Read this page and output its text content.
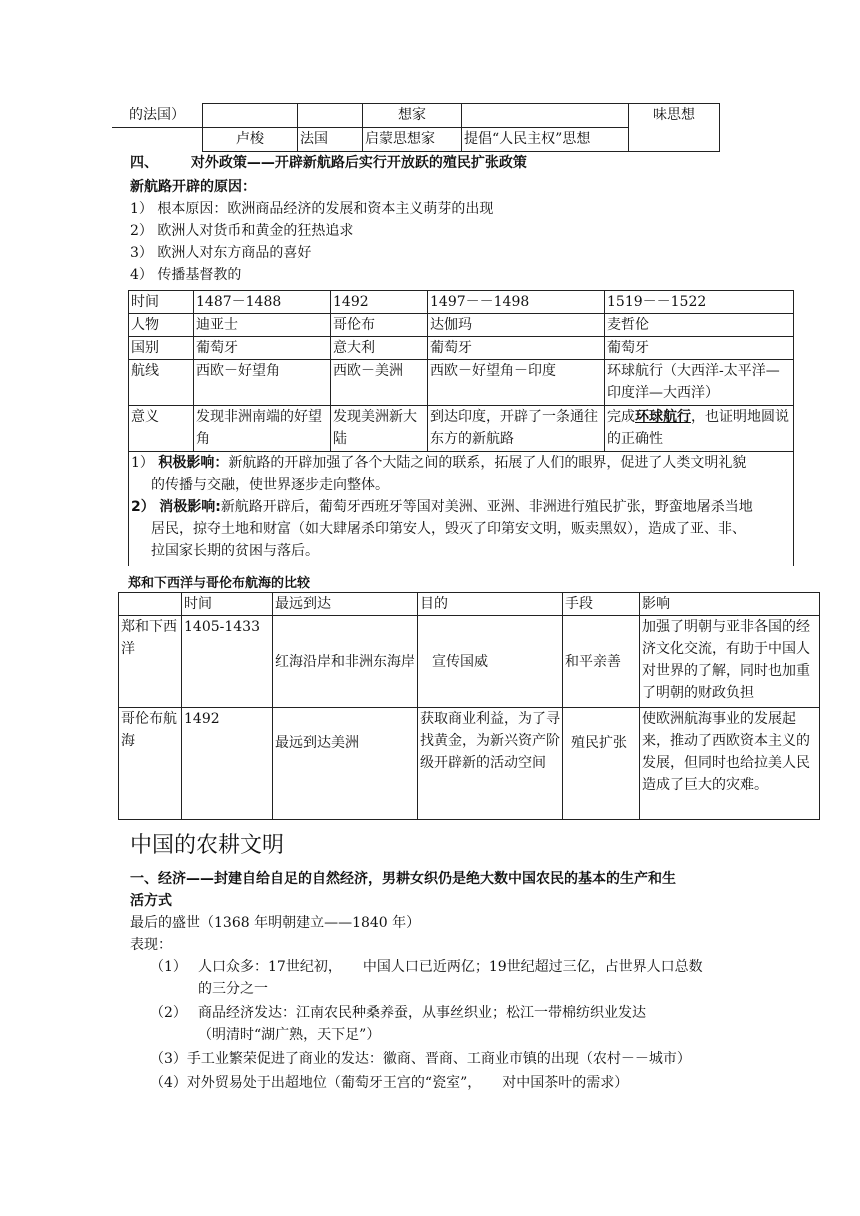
的法国）			想家		味思想
	卢梭	法国	启蒙思想家	提倡“人民主权”思想	
四、 对外政策——开辟新航路后实行开放跃的殖民扩张政策
新航路开辟的原因：
1） 根本原因：欧洲商品经济的发展和资本主义萌芽的出现
2） 欧洲人对货币和黄金的狂热追求
3） 欧洲人对东方商品的喜好
4） 传播基督教的
时间	1487－1488	1492	1497－－1498	1519－－1522
人物	迪亚士	哥伦布	达伽玛	麦哲伦
国别	葡萄牙	意大利	葡萄牙	葡萄牙
航线	西欧－好望角	西欧－美洲	西欧－好望角－印度	环球航行（大西洋-太平洋—印度洋—大西洋）
意义	发现非洲南端的好望角	发现美洲新大陆	到达印度，开辟了一条通往东方的新航路	完成环球航行，也证明地圆说的正确性

1） 积极影响：新航路的开辟加强了各个大陆之间的联系，拓展了人们的眼界，促进了人类文明礼貌
的传播与交融，使世界逐步走向整体。
2） 消极影响:新航路开辟后，葡萄牙西班牙等国对美洲、亚洲、非洲进行殖民扩张，野蛮地屠杀当地
居民，掠夺土地和财富（如大肆屠杀印第安人，毁灭了印第安文明，贩卖黑奴），造成了亚、非、
拉国家长期的贫困与落后。				
郑和下西洋与哥伦布航海的比较
	时间	最远到达	目的	手段	影响
郑和下西洋	1405-1433	红海沿岸和非洲东海岸	宣传国威	和平亲善	加强了明朝与亚非各国的经济文化交流，有助于中国人对世界的了解，同时也加重了明朝的财政负担
哥伦布航海	1492	最远到达美洲	获取商业利益，为了寻找黄金，为新兴资产阶级开辟新的活动空间	殖民扩张	使欧洲航海事业的发展起来，推动了西欧资本主义的发展，但同时也给拉美人民造成了巨大的灾难。
中国的农耕文明
一、经济——封建自给自足的自然经济，男耕女织仍是绝大数中国农民的基本的生产和生
活方式
最后的盛世（1368 年明朝建立——1840 年）
表现：
（1） 人口众多：17世纪初，　　中国人口已近两亿；19世纪超过三亿，占世界人口总数
的三分之一
（2） 商品经济发达：江南农民种桑养蚕，从事丝织业；松江一带棉纺织业发达
（明清时“湖广熟，天下足”）
（3）手工业繁荣促进了商业的发达：徽商、晋商、工商业市镇的出现（农村－－城市）
（4）对外贸易处于出超地位（葡萄牙王宫的“瓷室”，　　对中国茶叶的需求）
